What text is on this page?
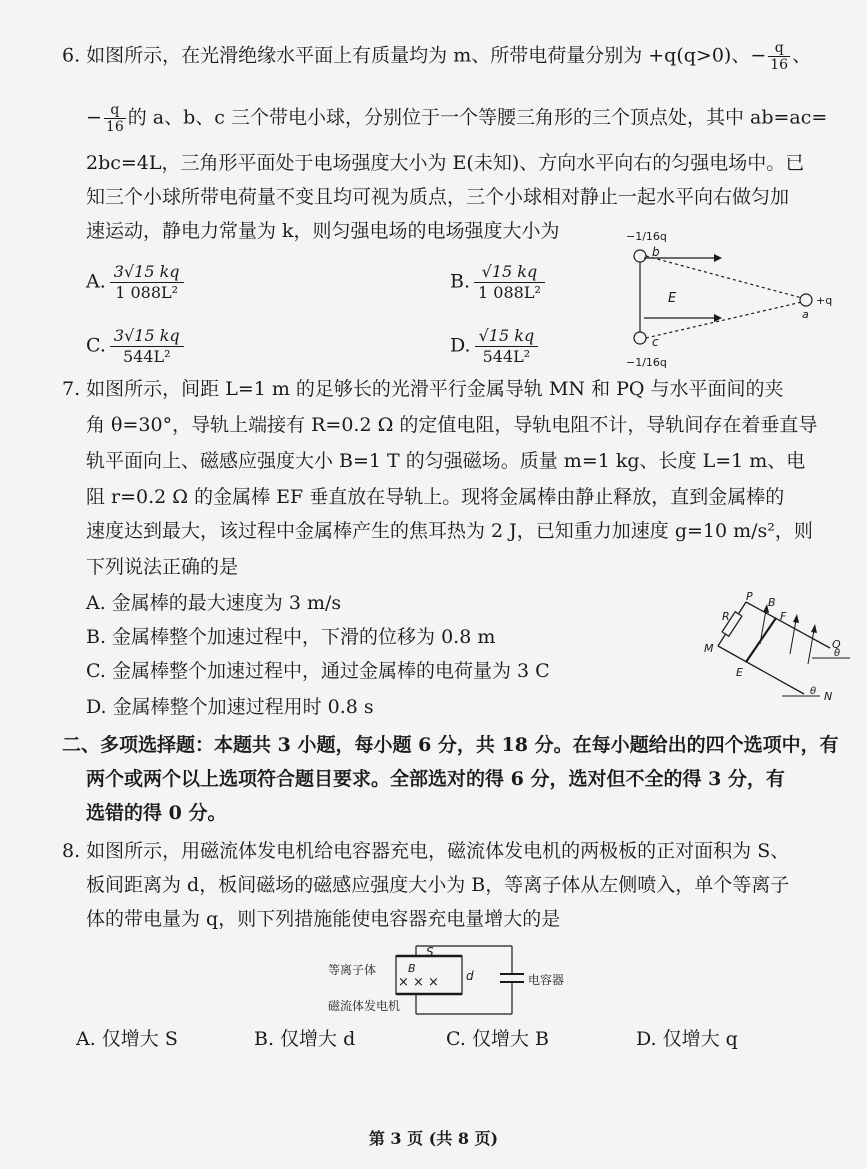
6. 如图所示，在光滑绝缘水平面上有质量均为 m、所带电荷量分别为 +q(q>0)、− $\frac{q}{16}$ 、
− $\frac{q}{16}$ 的 a、b、c 三个带电小球，分别位于一个等腰三角形的三个顶点处，其中 ab=ac=
2bc=4L，三角形平面处于电场强度大小为 E(未知)、方向水平向右的匀强电场中。已
知三个小球所带电荷量不变且均可视为质点，三个小球相对静止一起水平向右做匀加
速运动，静电力常量为 k，则匀强电场的电场强度大小为
A. $\frac{3√15 kq}{\text{1 088L²}}$	B. $\frac{√15 kq}{\text{1 088L²}}$
C. $\frac{3√15 kq}{\text{544L²}}$	D. $\frac{√15 kq}{\text{544L²}}$
−1/16q
b
E	+q
a
c
−1/16q
7. 如图所示，间距 L=1 m 的足够长的光滑平行金属导轨 MN 和 PQ 与水平面间的夹
角 θ=30°，导轨上端接有 R=0.2 Ω 的定值电阻，导轨电阻不计，导轨间存在着垂直导
轨平面向上、磁感应强度大小 B=1 T 的匀强磁场。质量 m=1 kg、长度 L=1 m、电
阻 r=0.2 Ω 的金属棒 EF 垂直放在导轨上。现将金属棒由静止释放，直到金属棒的
速度达到最大，该过程中金属棒产生的焦耳热为 2 J，已知重力加速度 g=10 m/s²，则
下列说法正确的是
A. 金属棒的最大速度为 3 m/s
B. 金属棒整个加速过程中，下滑的位移为 0.8 m
C. 金属棒整个加速过程中，通过金属棒的电荷量为 3 C
D. 金属棒整个加速过程用时 0.8 s
P
R
B
F
M	Q
θ
E
θ N
二、多项选择题：本题共 3 小题，每小题 6 分，共 18 分。在每小题给出的四个选项中，有
两个或两个以上选项符合题目要求。全部选对的得 6 分，选对但不全的得 3 分，有
选错的得 0 分。
8. 如图所示，用磁流体发电机给电容器充电，磁流体发电机的两极板的正对面积为 S、
板间距离为 d，板间磁场的磁感应强度大小为 B，等离子体从左侧喷入，单个等离子
体的带电量为 q，则下列措施能使电容器充电量增大的是
等离子体
S
B
× × × d
磁流体发电机
电容器
A. 仅增大 S	B. 仅增大 d	C. 仅增大 B	D. 仅增大 q
第 3 页 (共 8 页)
